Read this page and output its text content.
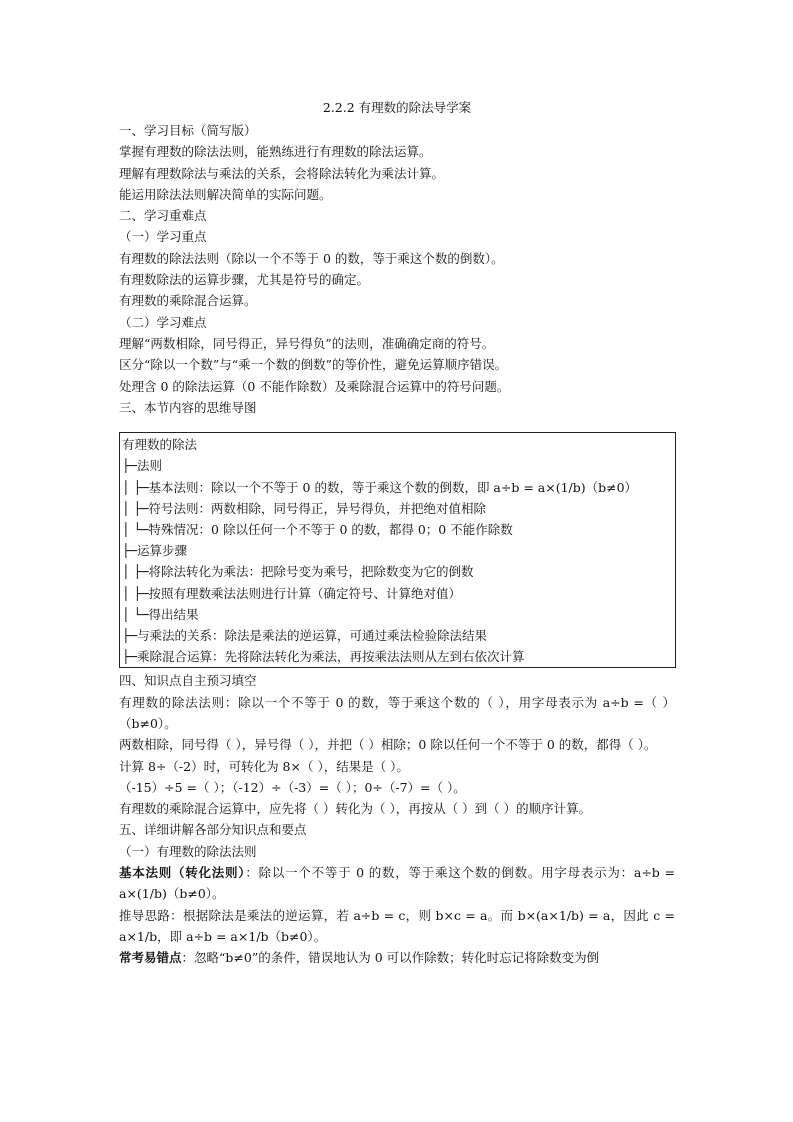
2.2.2 有理数的除法导学案
一、学习目标（简写版）
掌握有理数的除法法则，能熟练进行有理数的除法运算。
理解有理数除法与乘法的关系，会将除法转化为乘法计算。
能运用除法法则解决简单的实际问题。
二、学习重难点
（一）学习重点
有理数的除法法则（除以一个不等于 0 的数，等于乘这个数的倒数）。
有理数除法的运算步骤，尤其是符号的确定。
有理数的乘除混合运算。
（二）学习难点
理解“两数相除，同号得正，异号得负”的法则，准确确定商的符号。
区分“除以一个数”与“乘一个数的倒数”的等价性，避免运算顺序错误。
处理含 0 的除法运算（0 不能作除数）及乘除混合运算中的符号问题。
三、本节内容的思维导图
有理数的除法
├─法则
│ ├─基本法则：除以一个不等于 0 的数，等于乘这个数的倒数，即 a÷b = a×(1/b)（b≠0）
│ ├─符号法则：两数相除，同号得正，异号得负，并把绝对值相除
│ └─特殊情况：0 除以任何一个不等于 0 的数，都得 0；0 不能作除数
├─运算步骤
│ ├─将除法转化为乘法：把除号变为乘号，把除数变为它的倒数
│ ├─按照有理数乘法法则进行计算（确定符号、计算绝对值）
│ └─得出结果
├─与乘法的关系：除法是乘法的逆运算，可通过乘法检验除法结果
├─乘除混合运算：先将除法转化为乘法，再按乘法法则从左到右依次计算
四、知识点自主预习填空
有理数的除法法则：除以一个不等于 0 的数，等于乘这个数的（ ），用字母表示为 a÷b =（ ）（b≠0）。
两数相除，同号得（ ），异号得（ ），并把（ ）相除；0 除以任何一个不等于 0 的数，都得（ ）。
计算 8÷（-2）时，可转化为 8×（ ），结果是（ ）。
（-15）÷5 =（ ）；（-12）÷（-3）=（ ）；0÷（-7）=（ ）。
有理数的乘除混合运算中，应先将（ ）转化为（ ），再按从（ ）到（ ）的顺序计算。
五、详细讲解各部分知识点和要点
（一）有理数的除法法则
基本法则（转化法则）：除以一个不等于 0 的数，等于乘这个数的倒数。用字母表示为：a÷b = a×(1/b)（b≠0）。
推导思路：根据除法是乘法的逆运算，若 a÷b = c，则 b×c = a。而 b×(a×1/b) = a，因此 c = a×1/b，即 a÷b = a×1/b（b≠0）。
常考易错点：忽略“b≠0”的条件，错误地认为 0 可以作除数；转化时忘记将除数变为倒
